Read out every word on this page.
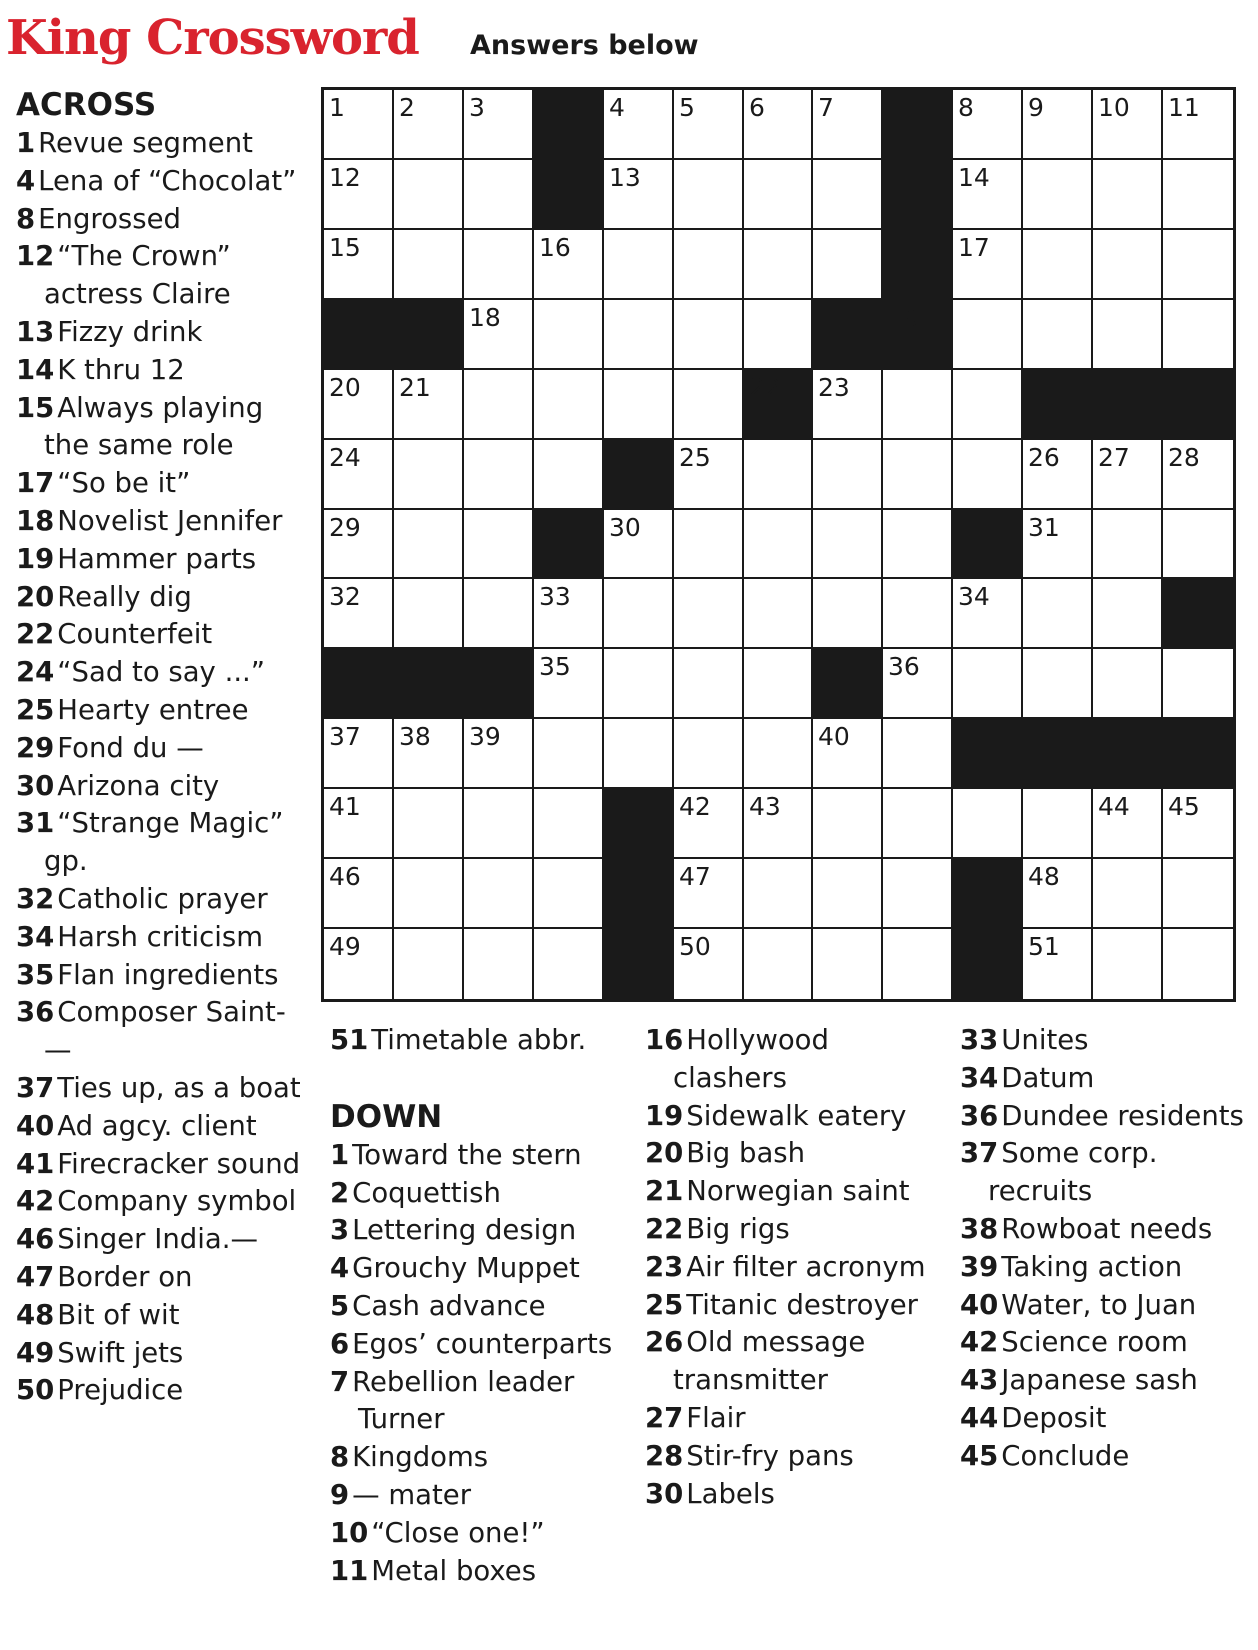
King Crossword Answers below
1 2 3	4 5 6 7	8 9 10 11
12	13	14
15	16	17
18	19
20 21	22 23
24	25	26 27 28
29	30	31
32	33	34
35	36
37 38 39	40
41	42 43	44 45
46	47	48
49	50	51
ACROSS
1 Revue segment
4 Lena of “Chocolat”
8 Engrossed
12 “The Crown” actress Claire
13 Fizzy drink
14 K thru 12
15 Always playing the same role
17 “So be it”
18 Novelist Jennifer
19 Hammer parts
20 Really dig
22 Counterfeit
24 “Sad to say ...”
25 Hearty entree
29 Fond du —
30 Arizona city
31 “Strange Magic” gp.
32 Catholic prayer
34 Harsh criticism
35 Flan ingredients
36 Composer Saint- —
37 Ties up, as a boat
40 Ad agcy. client
41 Firecracker sound
42 Company symbol
46 Singer India.—
47 Border on
48 Bit of wit
49 Swift jets
50 Prejudice
51 Timetable abbr.
DOWN
1 Toward the stern
2 Coquettish
3 Lettering design
4 Grouchy Muppet
5 Cash advance
6 Egos’ counterparts
7 Rebellion leader Turner
8 Kingdoms
9 — mater
10 “Close one!”
11 Metal boxes
16 Hollywood clashers
19 Sidewalk eatery
20 Big bash
21 Norwegian saint
22 Big rigs
23 Air filter acronym
25 Titanic destroyer
26 Old message transmitter
27 Flair
28 Stir-fry pans
30 Labels
33 Unites
34 Datum
36 Dundee residents
37 Some corp. recruits
38 Rowboat needs
39 Taking action
40 Water, to Juan
42 Science room
43 Japanese sash
44 Deposit
45 Conclude
